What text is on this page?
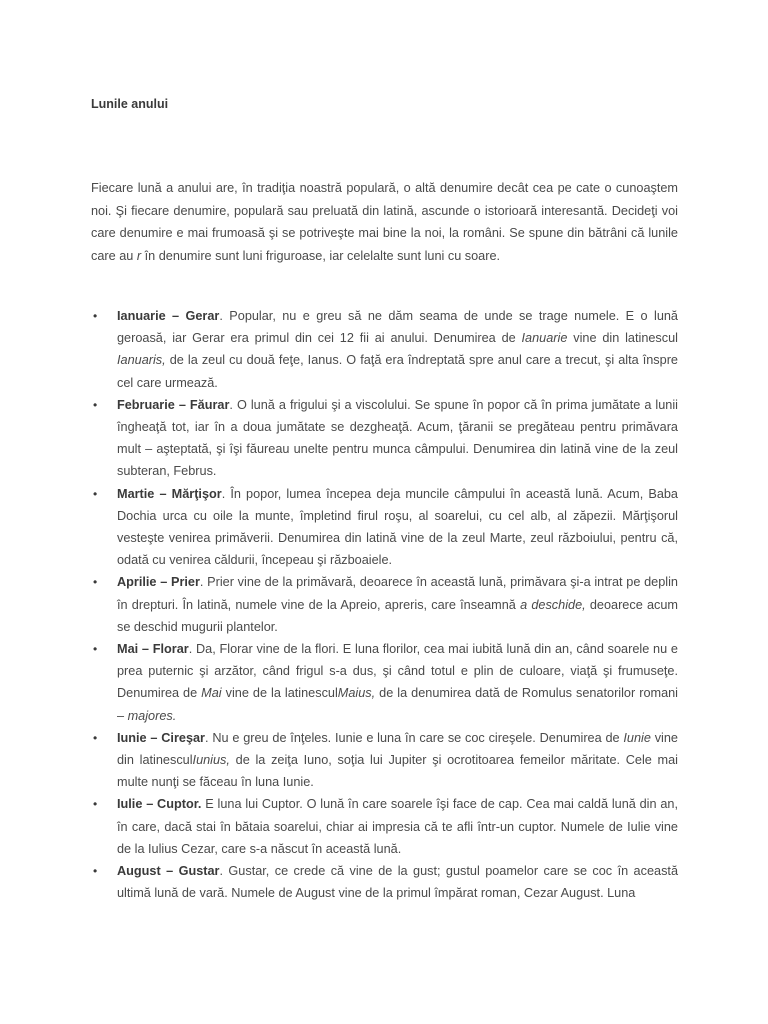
Lunile anului

Fiecare lună a anului are, în tradiţia noastră populară, o altă denumire decât cea pe cate o cunoaştem noi. Şi fiecare denumire, populară sau preluată din latină, ascunde o istorioară interesantă. Decideţi voi care denumire e mai frumoasă şi se potriveşte mai bine la noi, la români. Se spune din bătrâni că lunile care au r în denumire sunt luni friguroase, iar celelalte sunt luni cu soare.

• Ianuarie – Gerar. Popular, nu e greu să ne dăm seama de unde se trage numele. E o lună geroasă, iar Gerar era primul din cei 12 fii ai anului. Denumirea de Ianuarie vine din latinescul Ianuaris, de la zeul cu două feţe, Ianus. O faţă era îndreptată spre anul care a trecut, şi alta înspre cel care urmează.
• Februarie – Făurar. O lună a frigului şi a viscolului. Se spune în popor că în prima jumătate a lunii îngheaţă tot, iar în a doua jumătate se dezgheaţă. Acum, ţăranii se pregăteau pentru primăvara mult – aşteptată, şi îşi făureau unelte pentru munca câmpului. Denumirea din latină vine de la zeul subteran, Februs.
• Martie – Mărţişor. În popor, lumea începea deja muncile câmpului în această lună. Acum, Baba Dochia urca cu oile la munte, împletind firul roşu, al soarelui, cu cel alb, al zăpezii. Mărţişorul vesteşte venirea primăverii. Denumirea din latină vine de la zeul Marte, zeul războiului, pentru că, odată cu venirea căldurii, începeau şi războaiele.
• Aprilie – Prier. Prier vine de la primăvară, deoarece în această lună, primăvara şi-a intrat pe deplin în drepturi. În latină, numele vine de la Apreio, apreris, care înseamnă a deschide, deoarece acum se deschid mugurii plantelor.
• Mai – Florar. Da, Florar vine de la flori. E luna florilor, cea mai iubită lună din an, când soarele nu e prea puternic şi arzător, când frigul s-a dus, şi când totul e plin de culoare, viaţă şi frumuseţe. Denumirea de Mai vine de la latinesculMaius, de la denumirea dată de Romulus senatorilor romani – majores.
• Iunie – Cireşar. Nu e greu de înţeles. Iunie e luna în care se coc cireşele. Denumirea de Iunie vine din latinesculIunius, de la zeiţa Iuno, soţia lui Jupiter şi ocrotitoarea femeilor măritate. Cele mai multe nunţi se făceau în luna Iunie.
• Iulie – Cuptor. E luna lui Cuptor. O lună în care soarele îşi face de cap. Cea mai caldă lună din an, în care, dacă stai în bătaia soarelui, chiar ai impresia că te afli într-un cuptor. Numele de Iulie vine de la Iulius Cezar, care s-a născut în această lună.
• August – Gustar. Gustar, ce crede că vine de la gust; gustul poamelor care se coc în această ultimă lună de vară. Numele de August vine de la primul împărat roman, Cezar August. Luna
